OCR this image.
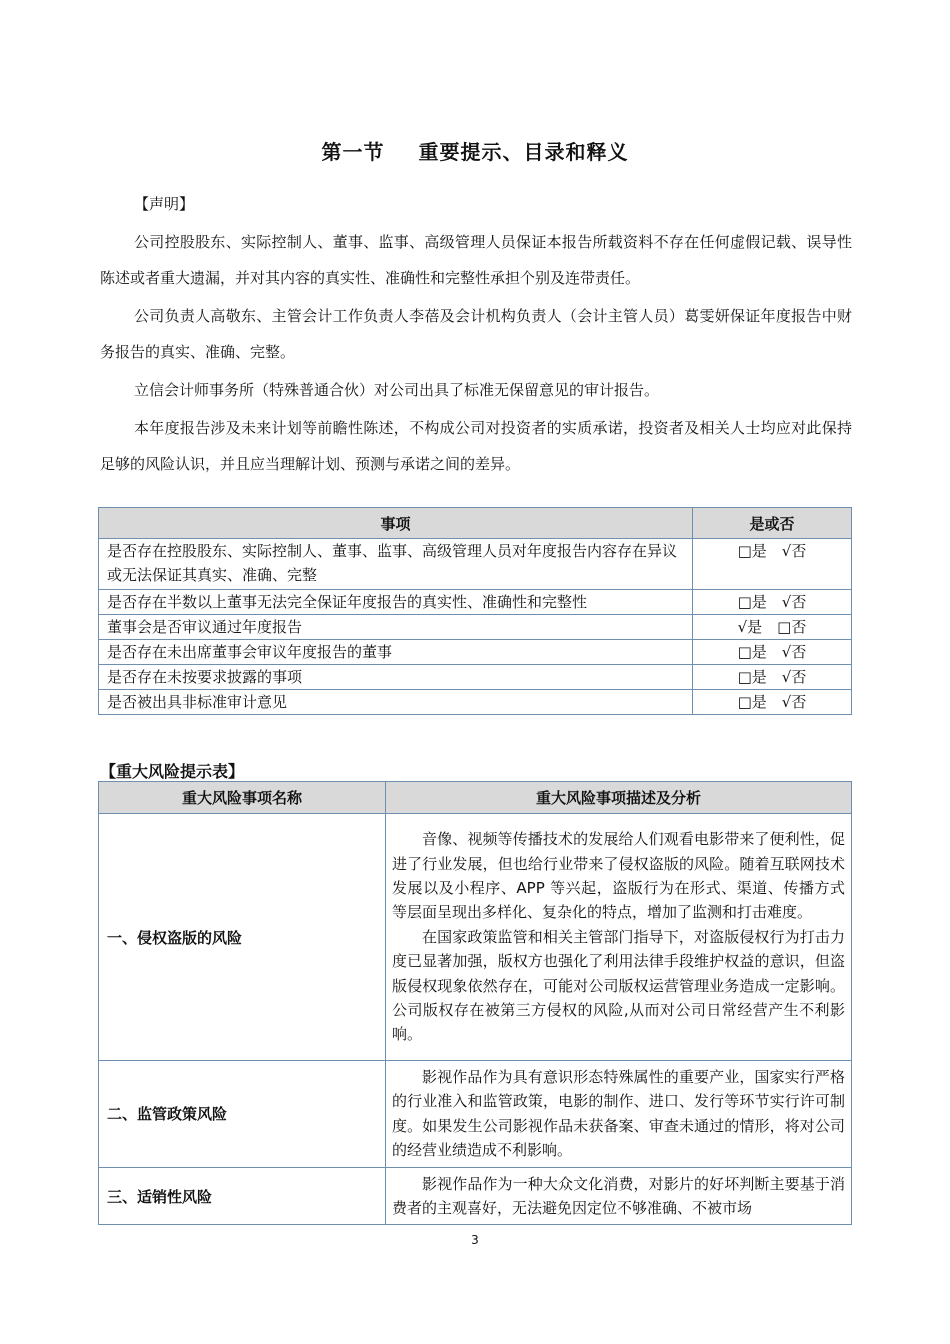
第一节 重要提示、目录和释义

【声明】

公司控股股东、实际控制人、董事、监事、高级管理人员保证本报告所载资料不存在任何虚假记载、误导性陈述或者重大遗漏，并对其内容的真实性、准确性和完整性承担个别及连带责任。

公司负责人高敬东、主管会计工作负责人李蓓及会计机构负责人（会计主管人员）葛雯妍保证年度报告中财务报告的真实、准确、完整。

立信会计师事务所（特殊普通合伙）对公司出具了标准无保留意见的审计报告。

本年度报告涉及未来计划等前瞻性陈述，不构成公司对投资者的实质承诺，投资者及相关人士均应对此保持足够的风险认识，并且应当理解计划、预测与承诺之间的差异。

事项	是或否
是否存在控股股东、实际控制人、董事、监事、高级管理人员对年度报告内容存在异议或无法保证其真实、准确、完整	□是　√否
是否存在半数以上董事无法完全保证年度报告的真实性、准确性和完整性	□是　√否
董事会是否审议通过年度报告	√是　□否
是否存在未出席董事会审议年度报告的董事	□是　√否
是否存在未按要求披露的事项	□是　√否
是否被出具非标准审计意见	□是　√否
【重大风险提示表】
重大风险事项名称	重大风险事项描述及分析
一、侵权盗版的风险	音像、视频等传播技术的发展给人们观看电影带来了便利性，促进了行业发展，但也给行业带来了侵权盗版的风险。随着互联网技术发展以及小程序、APP 等兴起，盗版行为在形式、渠道、传播方式等层面呈现出多样化、复杂化的特点，增加了监测和打击难度。

在国家政策监管和相关主管部门指导下，对盗版侵权行为打击力度已显著加强，版权方也强化了利用法律手段维护权益的意识，但盗版侵权现象依然存在，可能对公司版权运营管理业务造成一定影响。公司版权存在被第三方侵权的风险,从而对公司日常经营产生不利影响。

二、监管政策风险	影视作品作为具有意识形态特殊属性的重要产业，国家实行严格的行业准入和监管政策，电影的制作、进口、发行等环节实行许可制度。如果发生公司影视作品未获备案、审查未通过的情形，将对公司的经营业绩造成不利影响。

三、适销性风险	影视作品作为一种大众文化消费，对影片的好坏判断主要基于消费者的主观喜好，无法避免因定位不够准确、不被市场

3
